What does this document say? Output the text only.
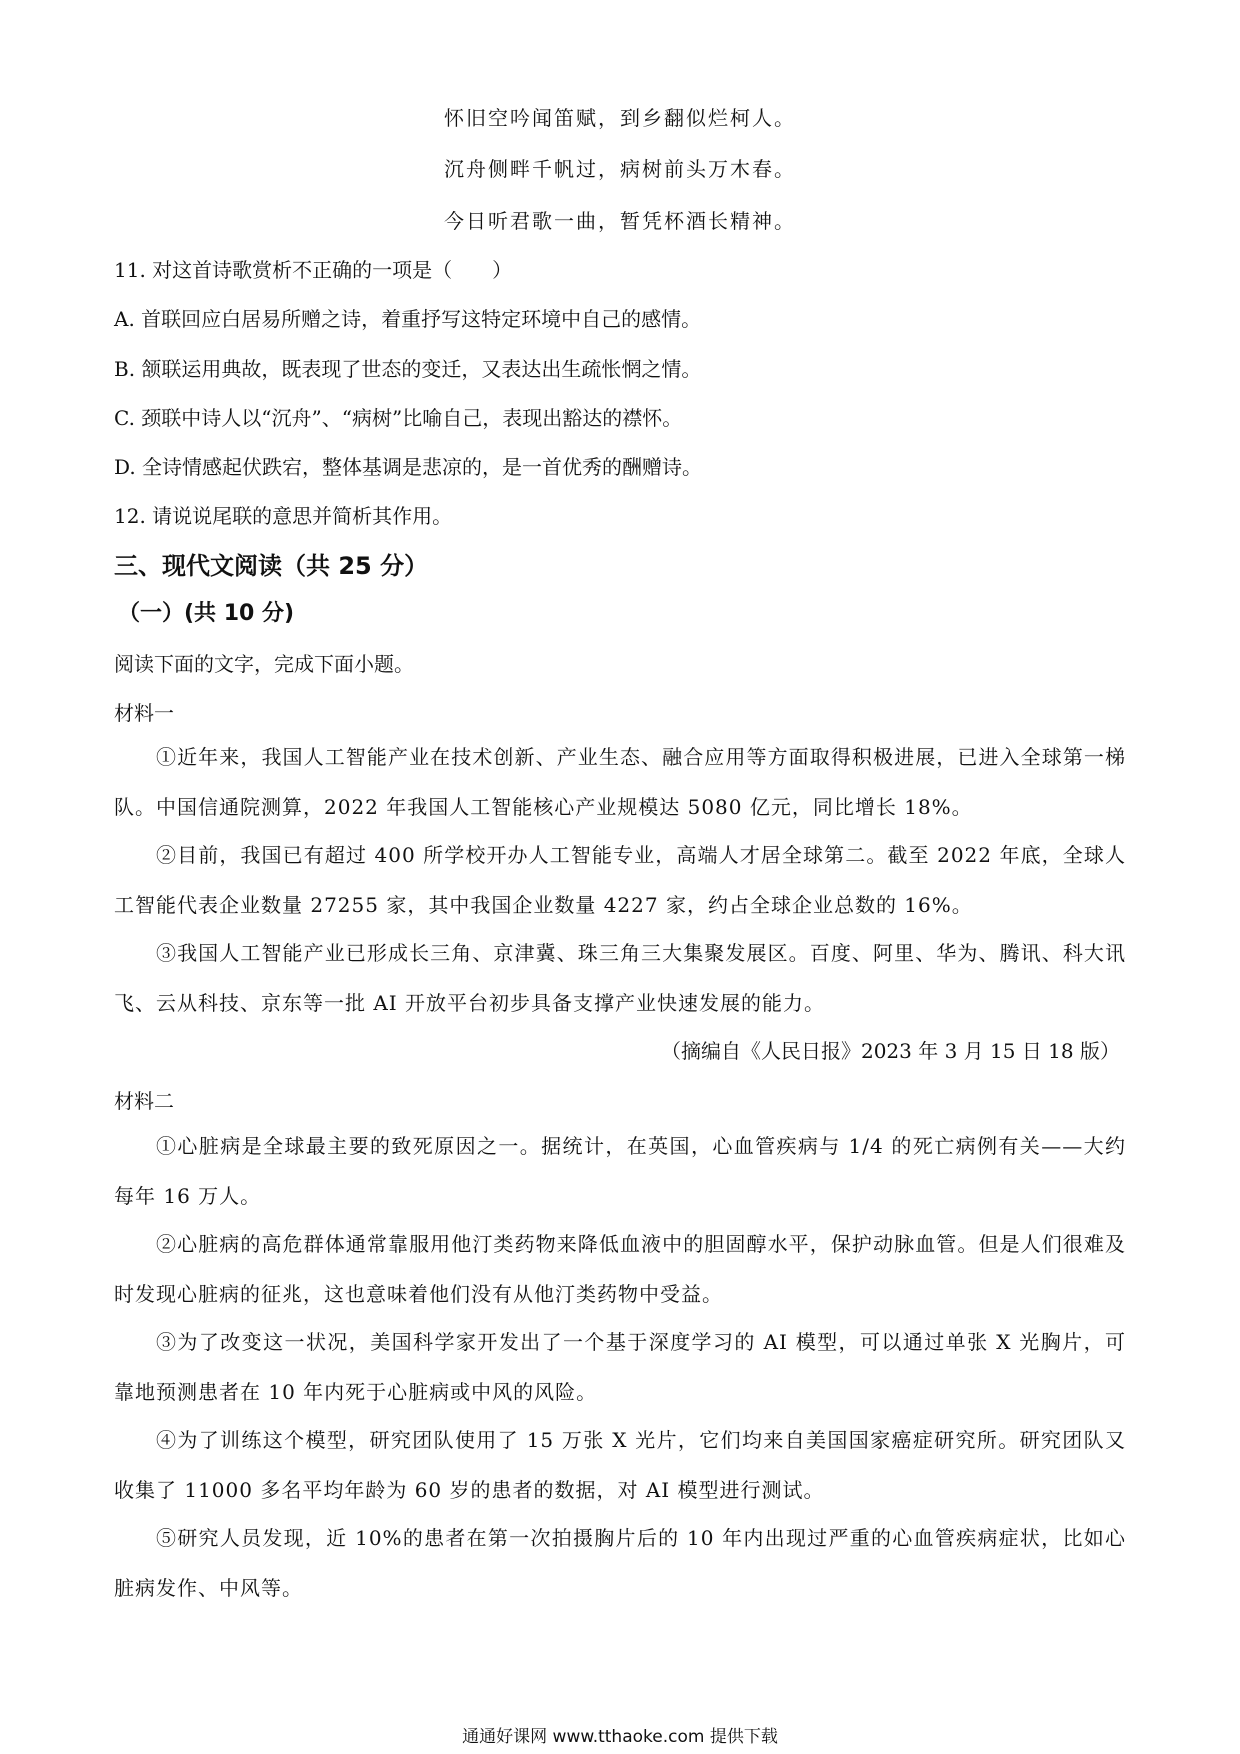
怀旧空吟闻笛赋，到乡翻似烂柯人。
沉舟侧畔千帆过，病树前头万木春。
今日听君歌一曲，暂凭杯酒长精神。
11. 对这首诗歌赏析不正确的一项是（　　）
A. 首联回应白居易所赠之诗，着重抒写这特定环境中自己的感情。
B. 颔联运用典故，既表现了世态的变迁，又表达出生疏怅惘之情。
C. 颈联中诗人以“沉舟”、“病树”比喻自己，表现出豁达的襟怀。
D. 全诗情感起伏跌宕，整体基调是悲凉的，是一首优秀的酬赠诗。
12. 请说说尾联的意思并简析其作用。
三、现代文阅读（共 25 分）
（一）(共 10 分)
阅读下面的文字，完成下面小题。
材料一
①近年来，我国人工智能产业在技术创新、产业生态、融合应用等方面取得积极进展，已进入全球第一梯队。中国信通院测算，2022 年我国人工智能核心产业规模达 5080 亿元，同比增长 18%。
②目前，我国已有超过 400 所学校开办人工智能专业，高端人才居全球第二。截至 2022 年底，全球人工智能代表企业数量 27255 家，其中我国企业数量 4227 家，约占全球企业总数的 16%。
③我国人工智能产业已形成长三角、京津冀、珠三角三大集聚发展区。百度、阿里、华为、腾讯、科大讯飞、云从科技、京东等一批 AI 开放平台初步具备支撑产业快速发展的能力。
（摘编自《人民日报》2023 年 3 月 15 日 18 版）
材料二
①心脏病是全球最主要的致死原因之一。据统计，在英国，心血管疾病与 1/4 的死亡病例有关——大约每年 16 万人。
②心脏病的高危群体通常靠服用他汀类药物来降低血液中的胆固醇水平，保护动脉血管。但是人们很难及时发现心脏病的征兆，这也意味着他们没有从他汀类药物中受益。
③为了改变这一状况，美国科学家开发出了一个基于深度学习的 AI 模型，可以通过单张 X 光胸片，可靠地预测患者在 10 年内死于心脏病或中风的风险。
④为了训练这个模型，研究团队使用了 15 万张 X 光片，它们均来自美国国家癌症研究所。研究团队又收集了 11000 多名平均年龄为 60 岁的患者的数据，对 AI 模型进行测试。
⑤研究人员发现，近 10%的患者在第一次拍摄胸片后的 10 年内出现过严重的心血管疾病症状，比如心脏病发作、中风等。
通通好课网 www.tthaoke.com 提供下载
